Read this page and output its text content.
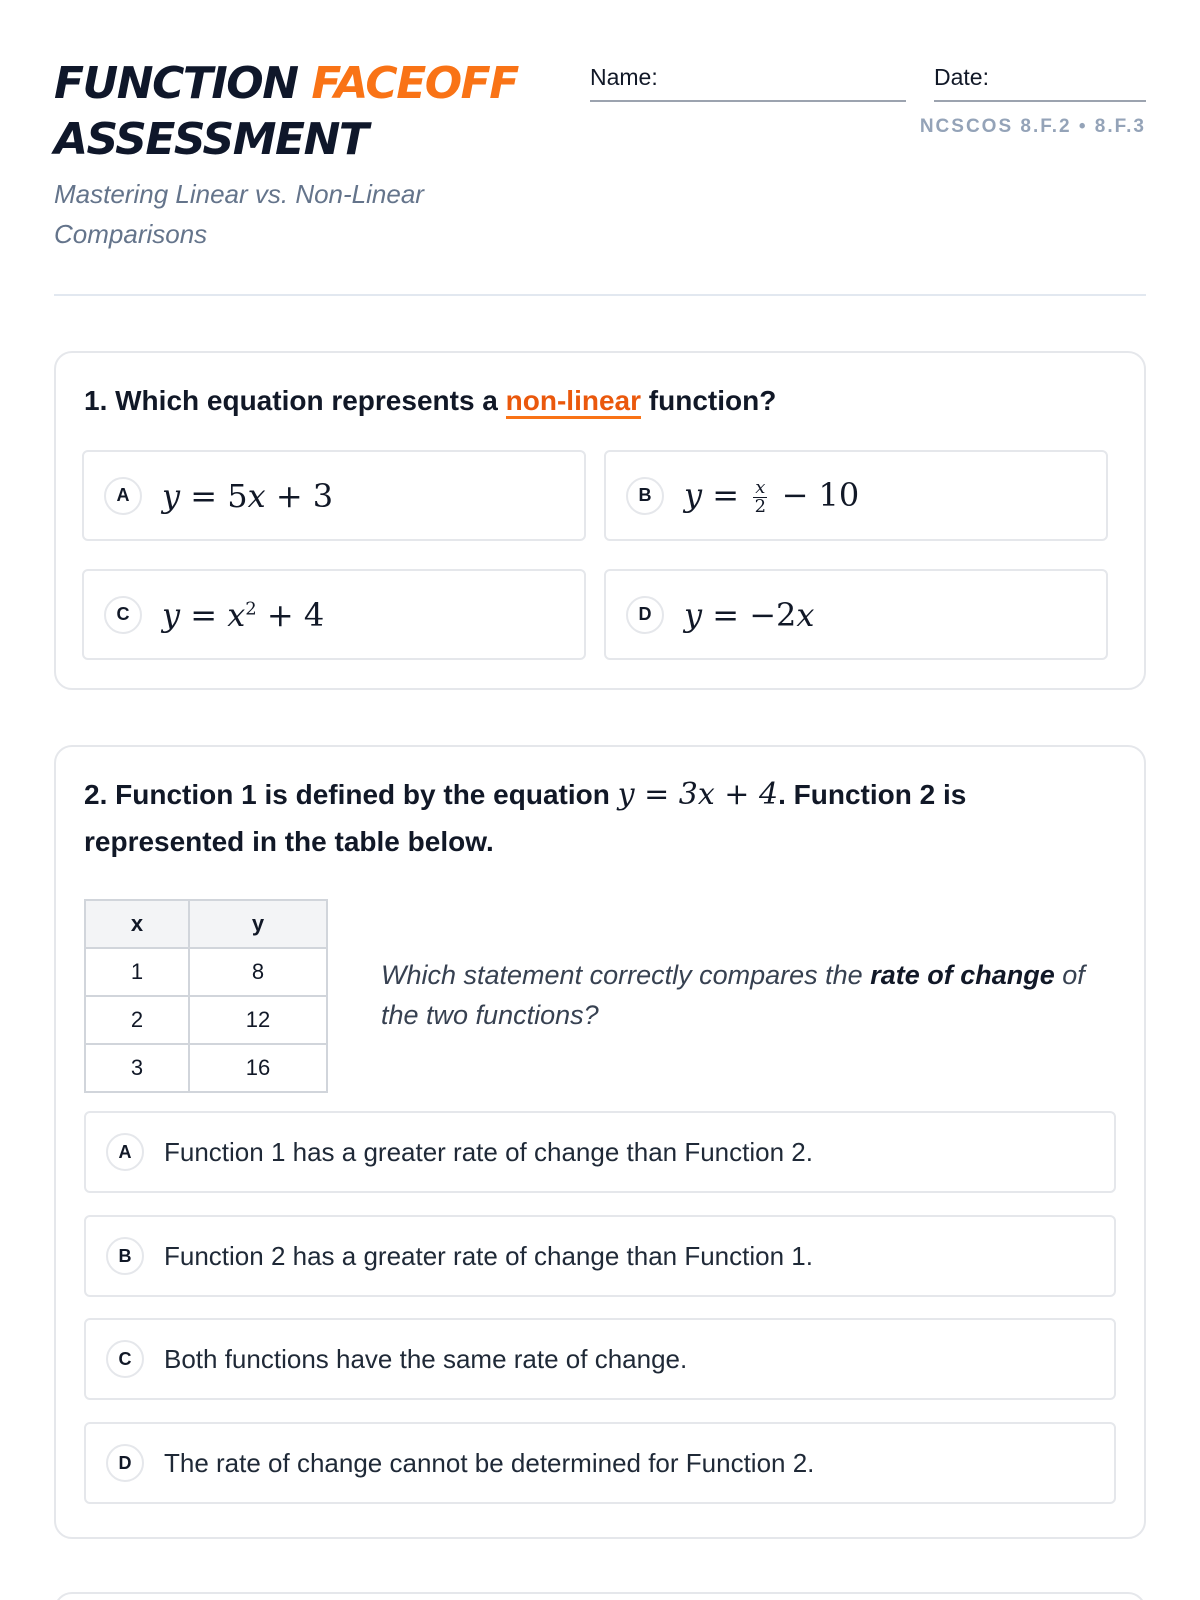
FUNCTION FACEOFF
ASSESSMENT
Mastering Linear vs. Non-Linear Comparisons
Name:	Date:
NCSCOS 8.F.2 • 8.F.3
1. Which equation represents a non-linear function?
A	y = 5x + 3	B	$y = \frac{x}{2} - 10$
C	$y = x^2 + 4$	D	y = −2x
2. Function 1 is defined by the equation y = 3x + 4. Function 2 is represented in the table below.
x	y
1	8
2	12
3	16
Which statement correctly compares the rate of change of the two functions?
A	Function 1 has a greater rate of change than Function 2.
B	Function 2 has a greater rate of change than Function 1.
C	Both functions have the same rate of change.
D	The rate of change cannot be determined for Function 2.
